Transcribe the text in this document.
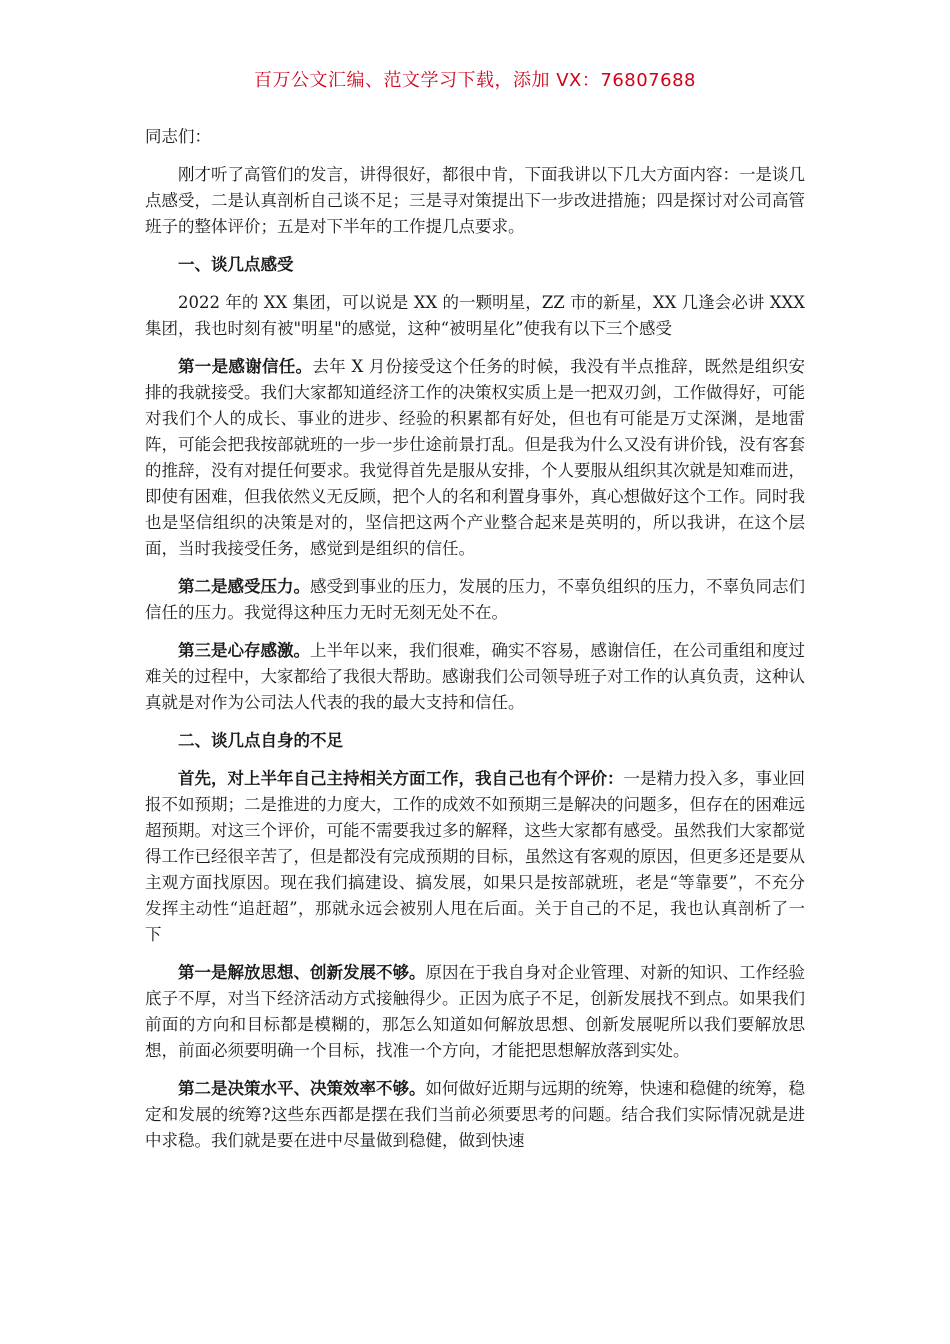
百万公文汇编、范文学习下载，添加 VX：76807688

同志们：

刚才听了高管们的发言，讲得很好，都很中肯，下面我讲以下几大方面内容：一是谈几点感受，二是认真剖析自己谈不足；三是寻对策提出下一步改进措施；四是探讨对公司高管班子的整体评价；五是对下半年的工作提几点要求。

一、谈几点感受

2022 年的 XX 集团，可以说是 XX 的一颗明星，ZZ 市的新星，XX 几逢会必讲 XXX 集团，我也时刻有被"明星"的感觉，这种“被明星化”使我有以下三个感受

第一是感谢信任。去年 X 月份接受这个任务的时候，我没有半点推辞，既然是组织安排的我就接受。我们大家都知道经济工作的决策权实质上是一把双刃剑，工作做得好，可能对我们个人的成长、事业的进步、经验的积累都有好处，但也有可能是万丈深渊，是地雷阵，可能会把我按部就班的一步一步仕途前景打乱。但是我为什么又没有讲价钱，没有客套的推辞，没有对提任何要求。我觉得首先是服从安排，个人要服从组织其次就是知难而进，即使有困难，但我依然义无反顾，把个人的名和利置身事外，真心想做好这个工作。同时我也是坚信组织的决策是对的，坚信把这两个产业整合起来是英明的，所以我讲，在这个层面，当时我接受任务，感觉到是组织的信任。

第二是感受压力。感受到事业的压力，发展的压力，不辜负组织的压力，不辜负同志们信任的压力。我觉得这种压力无时无刻无处不在。

第三是心存感激。上半年以来，我们很难，确实不容易，感谢信任，在公司重组和度过难关的过程中，大家都给了我很大帮助。感谢我们公司领导班子对工作的认真负责，这种认真就是对作为公司法人代表的我的最大支持和信任。

二、谈几点自身的不足

首先，对上半年自己主持相关方面工作，我自己也有个评价：一是精力投入多，事业回报不如预期；二是推进的力度大，工作的成效不如预期三是解决的问题多，但存在的困难远超预期。对这三个评价，可能不需要我过多的解释，这些大家都有感受。虽然我们大家都觉得工作已经很辛苦了，但是都没有完成预期的目标，虽然这有客观的原因，但更多还是要从主观方面找原因。现在我们搞建设、搞发展，如果只是按部就班，老是“等靠要”，不充分发挥主动性“追赶超”，那就永远会被别人甩在后面。关于自己的不足，我也认真剖析了一下

第一是解放思想、创新发展不够。原因在于我自身对企业管理、对新的知识、工作经验底子不厚，对当下经济活动方式接触得少。正因为底子不足，创新发展找不到点。如果我们前面的方向和目标都是模糊的，那怎么知道如何解放思想、创新发展呢所以我们要解放思想，前面必须要明确一个目标，找准一个方向，才能把思想解放落到实处。

第二是决策水平、决策效率不够。如何做好近期与远期的统筹，快速和稳健的统筹，稳定和发展的统筹?这些东西都是摆在我们当前必须要思考的问题。结合我们实际情况就是进中求稳。我们就是要在进中尽量做到稳健，做到快速
